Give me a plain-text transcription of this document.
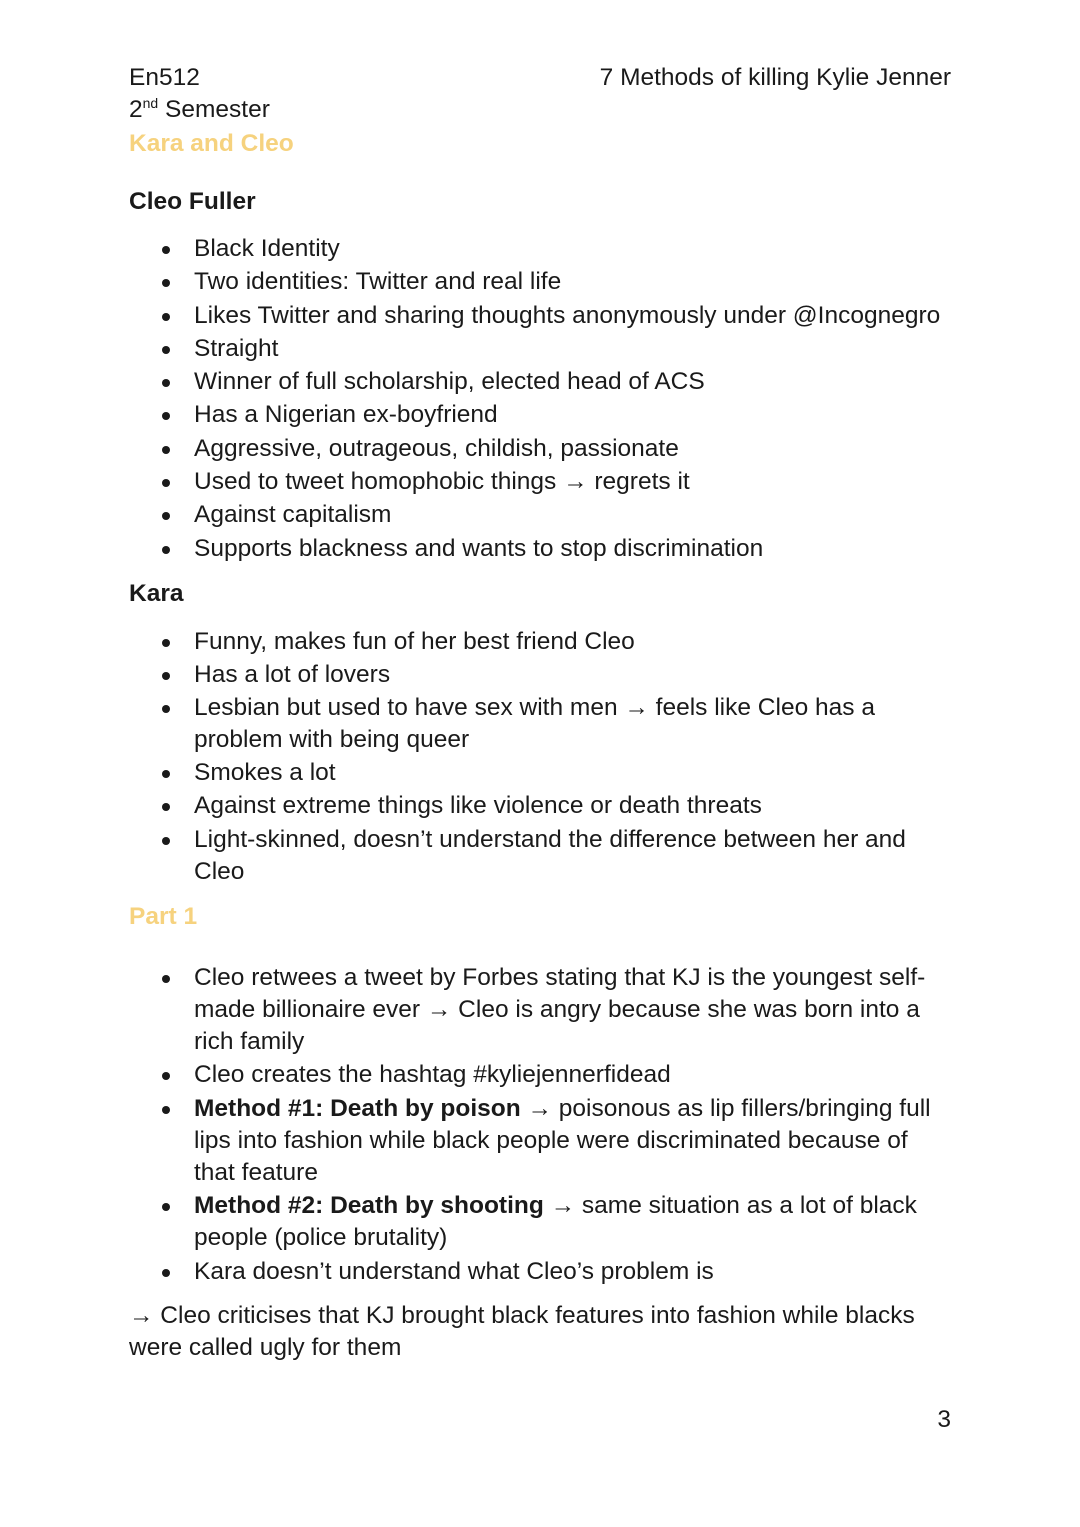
7 Methods of killing Kylie Jenner

En512

2nd Semester

Kara and Cleo

Cleo Fuller

Black Identity
Two identities: Twitter and real life
Likes Twitter and sharing thoughts anonymously under @Incognegro
Straight
Winner of full scholarship, elected head of ACS
Has a Nigerian ex-boyfriend
Aggressive, outrageous, childish, passionate
Used to tweet homophobic things → regrets it
Against capitalism
Supports blackness and wants to stop discrimination

Kara

Funny, makes fun of her best friend Cleo
Has a lot of lovers
Lesbian but used to have sex with men → feels like Cleo has a problem with being queer
Smokes a lot
Against extreme things like violence or death threats
Light-skinned, doesn’t understand the difference between her and Cleo

Part 1

Cleo retwees a tweet by Forbes stating that KJ is the youngest self-made billionaire ever → Cleo is angry because she was born into a rich family
Cleo creates the hashtag #kyliejennerfidead
Method #1: Death by poison → poisonous as lip fillers/bringing full lips into fashion while black people were discriminated because of that feature
Method #2: Death by shooting → same situation as a lot of black people (police brutality)
Kara doesn’t understand what Cleo’s problem is

→ Cleo criticises that KJ brought black features into fashion while blacks were called ugly for them

3
